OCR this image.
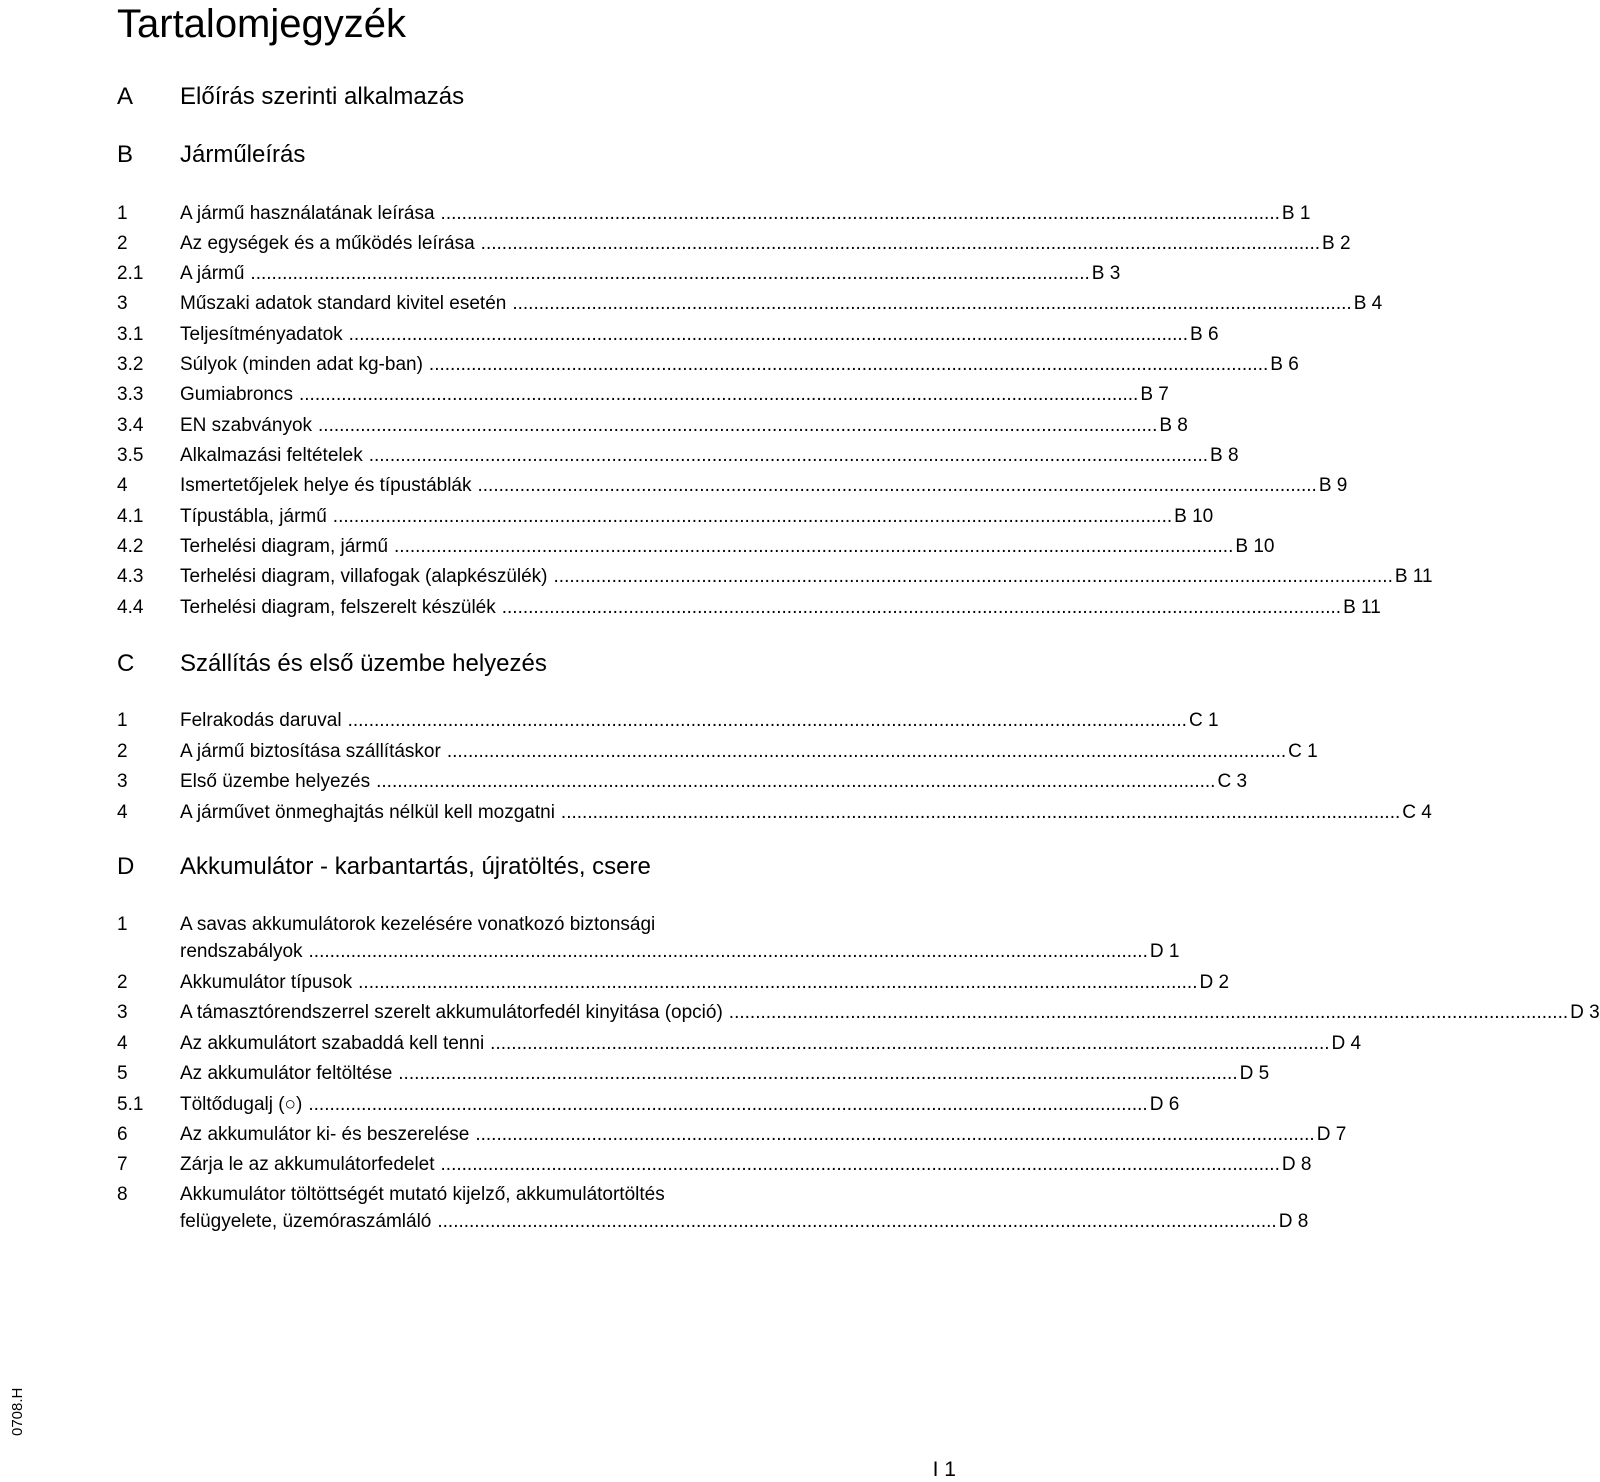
Tartalomjegyzék
A Előírás szerinti alkalmazás
B Járműleírás
1	A jármű használatának leírása ............................................................................................................................................................... B 1
2	Az egységek és a működés leírása ............................................................................................................................................................... B 2
2.1 A jármű ............................................................................................................................................................... B 3
3	Műszaki adatok standard kivitel esetén ............................................................................................................................................................... B 4
3.1 Teljesítményadatok ............................................................................................................................................................... B 6
3.2 Súlyok (minden adat kg-ban) ............................................................................................................................................................... B 6
3.3 Gumiabroncs ............................................................................................................................................................... B 7
3.4 EN szabványok ............................................................................................................................................................... B 8
3.5 Alkalmazási feltételek ............................................................................................................................................................... B 8
4	Ismertetőjelek helye és típustáblák ............................................................................................................................................................... B 9
4.1 Típustábla, jármű ............................................................................................................................................................... B 10
4.2 Terhelési diagram, jármű ............................................................................................................................................................... B 10
4.3 Terhelési diagram, villafogak (alapkészülék) ............................................................................................................................................................... B 11
4.4 Terhelési diagram, felszerelt készülék ............................................................................................................................................................... B 11
C Szállítás és első üzembe helyezés
1	Felrakodás daruval ............................................................................................................................................................... C 1
2	A jármű biztosítása szállításkor ............................................................................................................................................................... C 1
3	Első üzembe helyezés ............................................................................................................................................................... C 3
4	A járművet önmeghajtás nélkül kell mozgatni ............................................................................................................................................................... C 4
D Akkumulátor - karbantartás, újratöltés, csere
1	A savas akkumulátorok kezelésére vonatkozó biztonsági
rendszabályok ............................................................................................................................................................... D 1
2	Akkumulátor típusok ............................................................................................................................................................... D 2
3	A támasztórendszerrel szerelt akkumulátorfedél kinyitása (opció) ............................................................................................................................................................... D 3
4	Az akkumulátort szabaddá kell tenni ............................................................................................................................................................... D 4
5	Az akkumulátor feltöltése ............................................................................................................................................................... D 5
5.1 Töltődugalj (○) ............................................................................................................................................................... D 6
6	Az akkumulátor ki- és beszerelése ............................................................................................................................................................... D 7
7	Zárja le az akkumulátorfedelet ............................................................................................................................................................... D 8
8	Akkumulátor töltöttségét mutató kijelző, akkumulátortöltés
felügyelete, üzemóraszámláló ............................................................................................................................................................... D 8
0708.H
I 1
